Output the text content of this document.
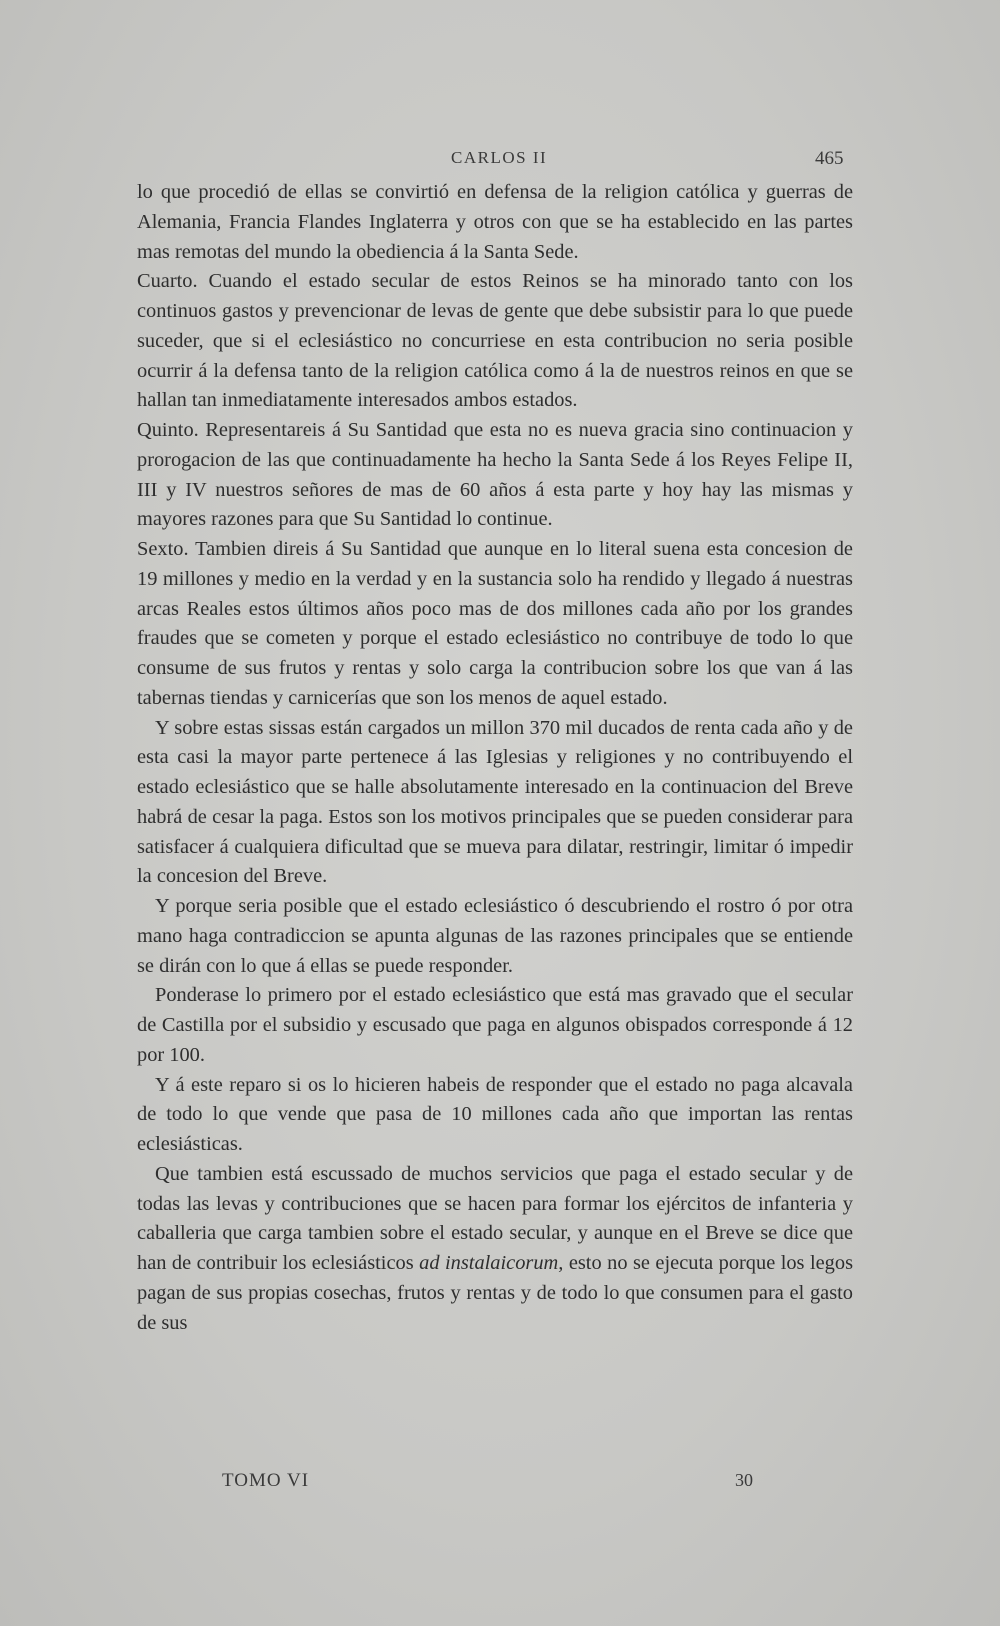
CARLOS II	465

lo que procedió de ellas se convirtió en defensa de la religion católica y guerras de Alemania, Francia Flandes Inglaterra y otros con que se ha establecido en las partes mas remotas del mundo la obediencia á la Santa Sede.

Cuarto. Cuando el estado secular de estos Reinos se ha minorado tanto con los continuos gastos y prevencionar de levas de gente que debe subsistir para lo que puede suceder, que si el eclesiástico no concurriese en esta contribucion no seria posible ocurrir á la defensa tanto de la religion católica como á la de nuestros reinos en que se hallan tan inmediatamente interesados ambos estados.

Quinto. Representareis á Su Santidad que esta no es nueva gracia sino continuacion y prorogacion de las que continuadamente ha hecho la Santa Sede á los Reyes Felipe II, III y IV nuestros señores de mas de 60 años á esta parte y hoy hay las mismas y mayores razones para que Su Santidad lo continue.

Sexto. Tambien direis á Su Santidad que aunque en lo literal suena esta concesion de 19 millones y medio en la verdad y en la sustancia solo ha rendido y llegado á nuestras arcas Reales estos últimos años poco mas de dos millones cada año por los grandes fraudes que se cometen y porque el estado eclesiástico no contribuye de todo lo que consume de sus frutos y rentas y solo carga la contribucion sobre los que van á las tabernas tiendas y carnicerías que son los menos de aquel estado.

Y sobre estas sissas están cargados un millon 370 mil ducados de renta cada año y de esta casi la mayor parte pertenece á las Iglesias y religiones y no contribuyendo el estado eclesiástico que se halle absolutamente interesado en la continuacion del Breve habrá de cesar la paga. Estos son los motivos principales que se pueden considerar para satisfacer á cualquiera dificultad que se mueva para dilatar, restringir, limitar ó impedir la concesion del Breve.

Y porque seria posible que el estado eclesiástico ó descubriendo el rostro ó por otra mano haga contradiccion se apunta algunas de las razones principales que se entiende se dirán con lo que á ellas se puede responder.

Ponderase lo primero por el estado eclesiástico que está mas gravado que el secular de Castilla por el subsidio y escusado que paga en algunos obispados corresponde á 12 por 100.

Y á este reparo si os lo hicieren habeis de responder que el estado no paga alcavala de todo lo que vende que pasa de 10 millones cada año que importan las rentas eclesiásticas.

Que tambien está escussado de muchos servicios que paga el estado secular y de todas las levas y contribuciones que se hacen para formar los ejércitos de infanteria y caballeria que carga tambien sobre el estado secular, y aunque en el Breve se dice que han de contribuir los eclesiásticos ad instalaicorum, esto no se ejecuta porque los legos pagan de sus propias cosechas, frutos y rentas y de todo lo que consumen para el gasto de sus

TOMO VI	30
